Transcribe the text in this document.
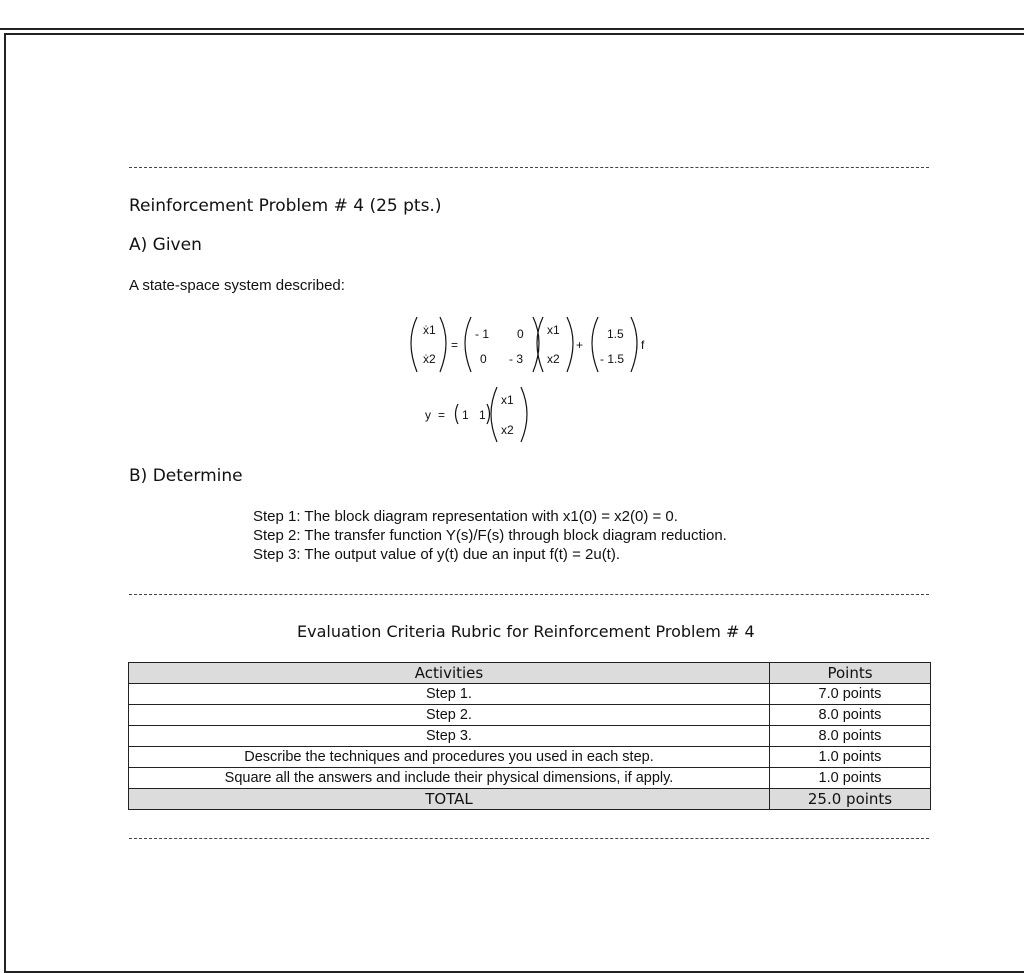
Reinforcement Problem # 4 (25 pts.)
A) Given
A state-space system described:
ẋ1
ẋ2
=
- 1 0
0 - 3
x1
x2
+
1.5
- 1.5
f
y = 1 1
x1
x2
B) Determine
Step 1: The block diagram representation with x1(0) = x2(0) = 0.
Step 2: The transfer function Y(s)/F(s) through block diagram reduction.
Step 3: The output value of y(t) due an input f(t) = 2u(t).
Evaluation Criteria Rubric for Reinforcement Problem # 4
Activities	Points
Step 1.	7.0 points
Step 2.	8.0 points
Step 3.	8.0 points
Describe the techniques and procedures you used in each step.	1.0 points
Square all the answers and include their physical dimensions, if apply.	1.0 points
TOTAL	25.0 points
